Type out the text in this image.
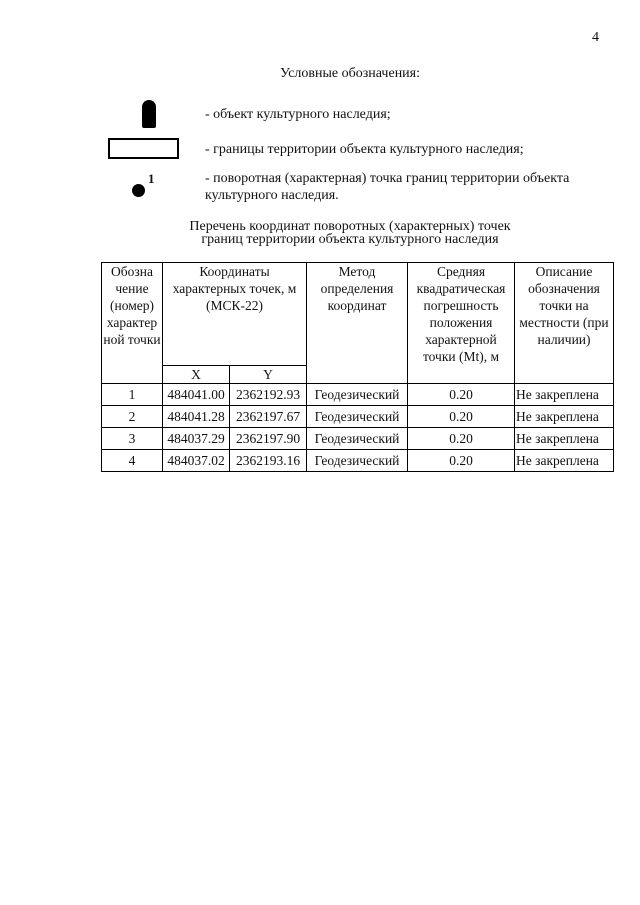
4
Условные обозначения:
- объект культурного наследия;
- границы территории объекта культурного наследия;
1	- поворотная (характерная) точка границ территории объекта культурного наследия.
Перечень координат поворотных (характерных) точек
границ территории объекта культурного наследия
Обозна чение (номер) характер ной точки	Координаты характерных точек, м (МСК-22)		Метод определения координат	Средняя квадратическая погрешность положения характерной точки (Mt), м	Описание обозначения точки на местности (при наличии)
	X	Y			
1	484041.00	2362192.93	Геодезический	0.20	Не закреплена
2	484041.28	2362197.67	Геодезический	0.20	Не закреплена
3	484037.29	2362197.90	Геодезический	0.20	Не закреплена
4	484037.02	2362193.16	Геодезический	0.20	Не закреплена
